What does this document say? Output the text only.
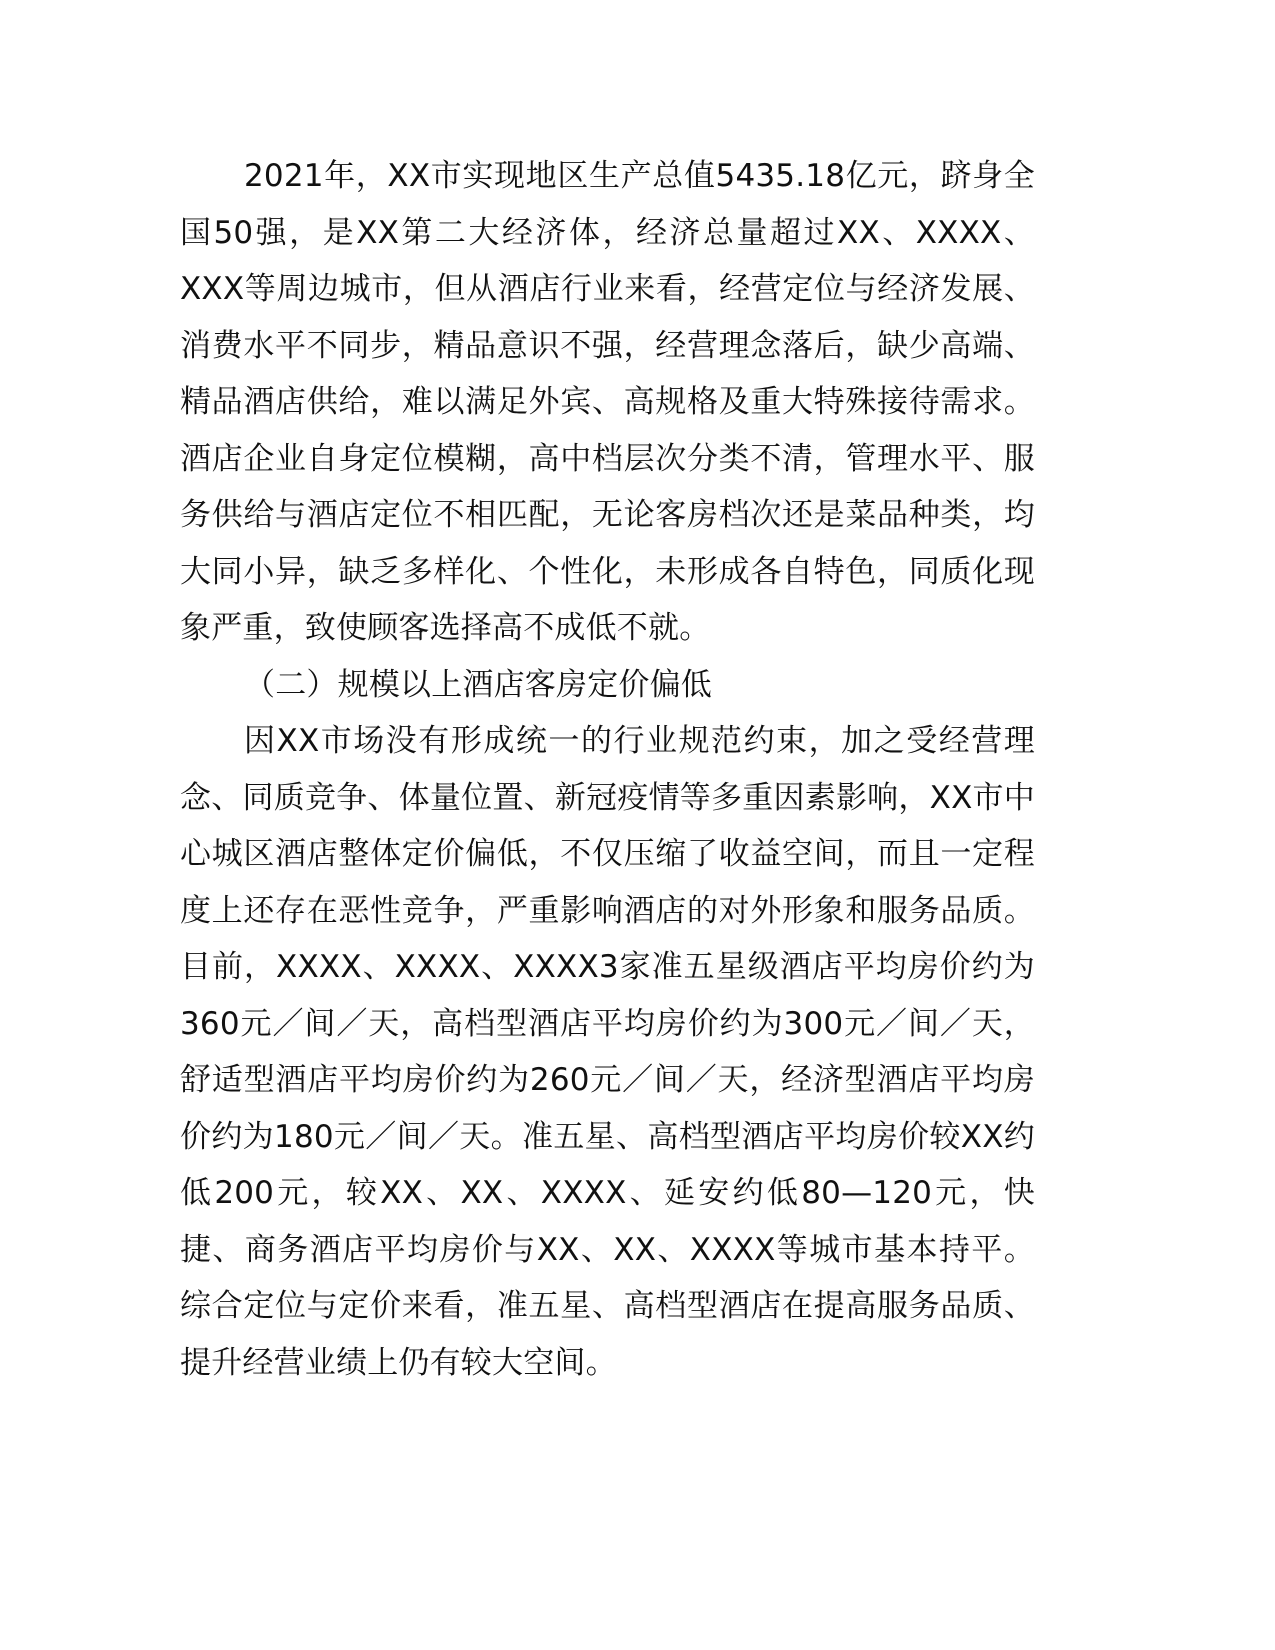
2021年，XX市实现地区生产总值5435.18亿元，跻身全国50强，是XX第二大经济体，经济总量超过XX、XXXX、XXX等周边城市，但从酒店行业来看，经营定位与经济发展、消费水平不同步，精品意识不强，经营理念落后，缺少高端、精品酒店供给，难以满足外宾、高规格及重大特殊接待需求。酒店企业自身定位模糊，高中档层次分类不清，管理水平、服务供给与酒店定位不相匹配，无论客房档次还是菜品种类，均大同小异，缺乏多样化、个性化，未形成各自特色，同质化现象严重，致使顾客选择高不成低不就。

（二）规模以上酒店客房定价偏低

因XX市场没有形成统一的行业规范约束，加之受经营理念、同质竞争、体量位置、新冠疫情等多重因素影响，XX市中心城区酒店整体定价偏低，不仅压缩了收益空间，而且一定程度上还存在恶性竞争，严重影响酒店的对外形象和服务品质。目前，XXXX、XXXX、XXXX3家准五星级酒店平均房价约为360元／间／天，高档型酒店平均房价约为300元／间／天，舒适型酒店平均房价约为260元／间／天，经济型酒店平均房价约为180元／间／天。准五星、高档型酒店平均房价较XX约低200元，较XX、XX、XXXX、延安约低80—120元，快捷、商务酒店平均房价与XX、XX、XXXX等城市基本持平。综合定位与定价来看，准五星、高档型酒店在提高服务品质、提升经营业绩上仍有较大空间。
